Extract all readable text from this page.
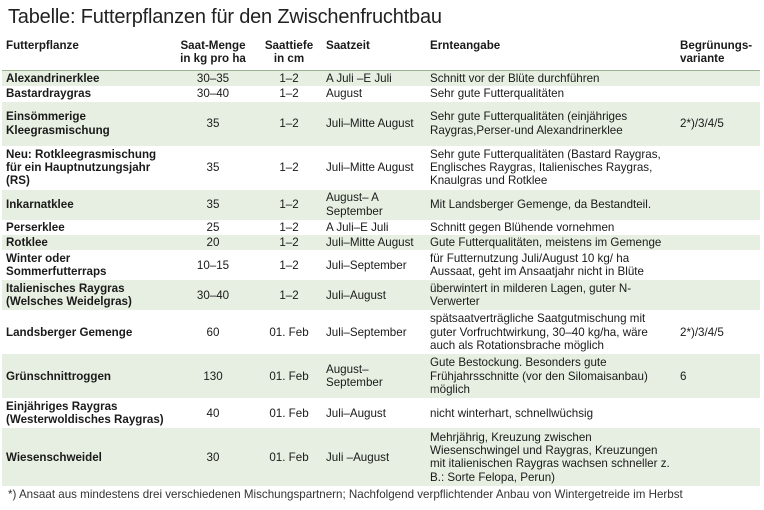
Tabelle: Futterpflanzen für den Zwischenfruchtbau
Futterpflanze	Saat-Menge in kg pro ha	Saattiefe in cm	Saatzeit	Ernteangabe	Begrünungs-variante
Alexandrinerklee	30–35	1–2	A Juli –E Juli	Schnitt vor der Blüte durchführen	
Bastardraygras	30–40	1–2	August	Sehr gute Futterqualitäten	
Einsömmerige Kleegrasmischung	35	1–2	Juli–Mitte August	Sehr gute Futterqualitäten (einjähriges Raygras,Perser-und Alexandrinerklee	2*)/3/4/5
Neu: Rotkleegrasmischung für ein Hauptnutzungsjahr (RS)	35	1–2	Juli–Mitte August	Sehr gute Futterqualitäten (Bastard Raygras, Englisches Raygras, Italienisches Raygras, Knaulgras und Rotklee	
Inkarnatklee	35	1–2	August– A September	Mit Landsberger Gemenge, da Bestandteil.	
Perserklee	25	1–2	A Juli–E Juli	Schnitt gegen Blühende vornehmen	
Rotklee	20	1–2	Juli–Mitte August	Gute Futterqualitäten, meistens im Gemenge	
Winter oder Sommerfutterraps	10–15	1–2	Juli–September	für Futternutzung Juli/August 10 kg/ ha Aussaat, geht im Ansaatjahr nicht in Blüte	
Italienisches Raygras (Welsches Weidelgras)	30–40	1–2	Juli–August	überwintert in milderen Lagen, guter N-Verwerter	
Landsberger Gemenge	60	01. Feb	Juli–September	spätsaatverträgliche Saatgutmischung mit guter Vorfruchtwirkung, 30–40 kg/ha, wäre auch als Rotationsbrache möglich	2*)/3/4/5
Grünschnittroggen	130	01. Feb	August– September	Gute Bestockung. Besonders gute Frühjahrsschnitte (vor den Silomaisanbau) möglich	6
Einjähriges Raygras (Westerwoldisches Raygras)	40	01. Feb	Juli–August	nicht winterhart, schnellwüchsig	
Wiesenschweidel	30	01. Feb	Juli –August	Mehrjährig, Kreuzung zwischen Wiesenschwingel und Raygras, Kreuzungen mit italienischen Raygras wachsen schneller z. B.: Sorte Felopa, Perun)	
*) Ansaat aus mindestens drei verschiedenen Mischungspartnern; Nachfolgend verpflichtender Anbau von Wintergetreide im Herbst
